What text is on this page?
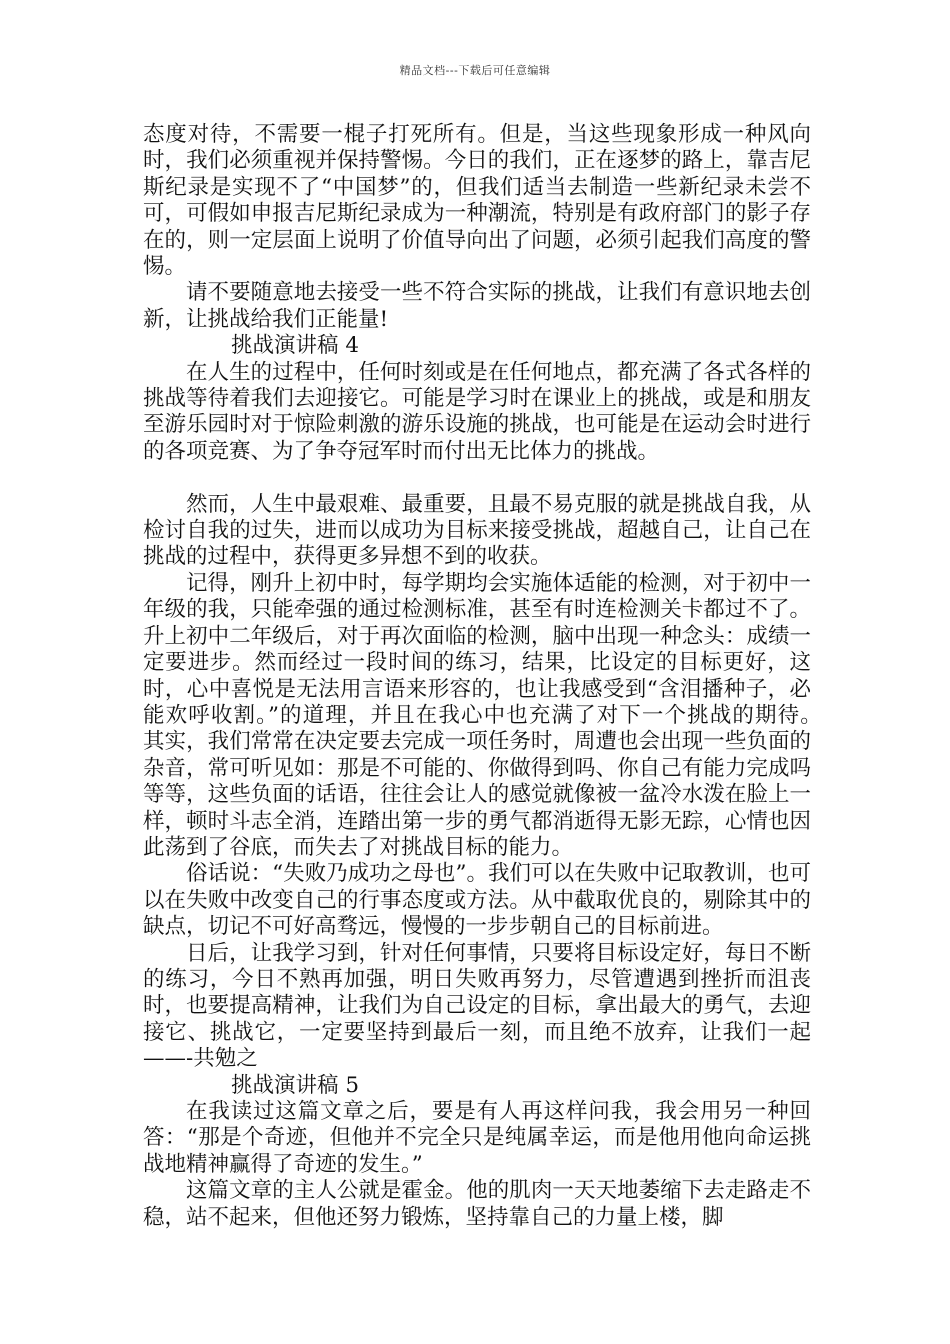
精品文档---下载后可任意编辑

态度对待，不需要一棍子打死所有。但是，当这些现象形成一种风向时，我们必须重视并保持警惕。今日的我们，正在逐梦的路上，靠吉尼斯纪录是实现不了“中国梦”的，但我们适当去制造一些新纪录未尝不可，可假如申报吉尼斯纪录成为一种潮流，特别是有政府部门的影子存在的，则一定层面上说明了价值导向出了问题，必须引起我们高度的警惕。

请不要随意地去接受一些不符合实际的挑战，让我们有意识地去创新，让挑战给我们正能量!

挑战演讲稿 4

在人生的过程中，任何时刻或是在任何地点，都充满了各式各样的挑战等待着我们去迎接它。可能是学习时在课业上的挑战，或是和朋友至游乐园时对于惊险刺激的游乐设施的挑战，也可能是在运动会时进行的各项竞赛、为了争夺冠军时而付出无比体力的挑战。

然而，人生中最艰难、最重要，且最不易克服的就是挑战自我，从检讨自我的过失，进而以成功为目标来接受挑战，超越自己，让自己在挑战的过程中，获得更多异想不到的收获。

记得，刚升上初中时，每学期均会实施体适能的检测，对于初中一年级的我，只能牵强的通过检测标准，甚至有时连检测关卡都过不了。升上初中二年级后，对于再次面临的检测，脑中出现一种念头：成绩一定要进步。然而经过一段时间的练习，结果，比设定的目标更好，这时，心中喜悦是无法用言语来形容的，也让我感受到“含泪播种子，必能欢呼收割。”的道理，并且在我心中也充满了对下一个挑战的期待。　　其实，我们常常在决定要去完成一项任务时，周遭也会出现一些负面的杂音，常可听见如：那是不可能的、你做得到吗、你自己有能力完成吗等等，这些负面的话语，往往会让人的感觉就像被一盆冷水泼在脸上一样，顿时斗志全消，连踏出第一步的勇气都消逝得无影无踪，心情也因此荡到了谷底，而失去了对挑战目标的能力。

俗话说：“失败乃成功之母也”。我们可以在失败中记取教训，也可以在失败中改变自己的行事态度或方法。从中截取优良的，剔除其中的缺点，切记不可好高骛远，慢慢的一步步朝自己的目标前进。

日后，让我学习到，针对任何事情，只要将目标设定好，每日不断的练习，今日不熟再加强，明日失败再努力，尽管遭遇到挫折而沮丧时，也要提高精神，让我们为自己设定的目标，拿出最大的勇气，去迎接它、挑战它，一定要坚持到最后一刻，而且绝不放弃，让我们一起——-共勉之

挑战演讲稿 5

在我读过这篇文章之后，要是有人再这样问我，我会用另一种回答：“那是个奇迹，但他并不完全只是纯属幸运，而是他用他向命运挑战地精神赢得了奇迹的发生。”

这篇文章的主人公就是霍金。他的肌肉一天天地萎缩下去走路走不稳，站不起来，但他还努力锻炼，坚持靠自己的力量上楼，脚
